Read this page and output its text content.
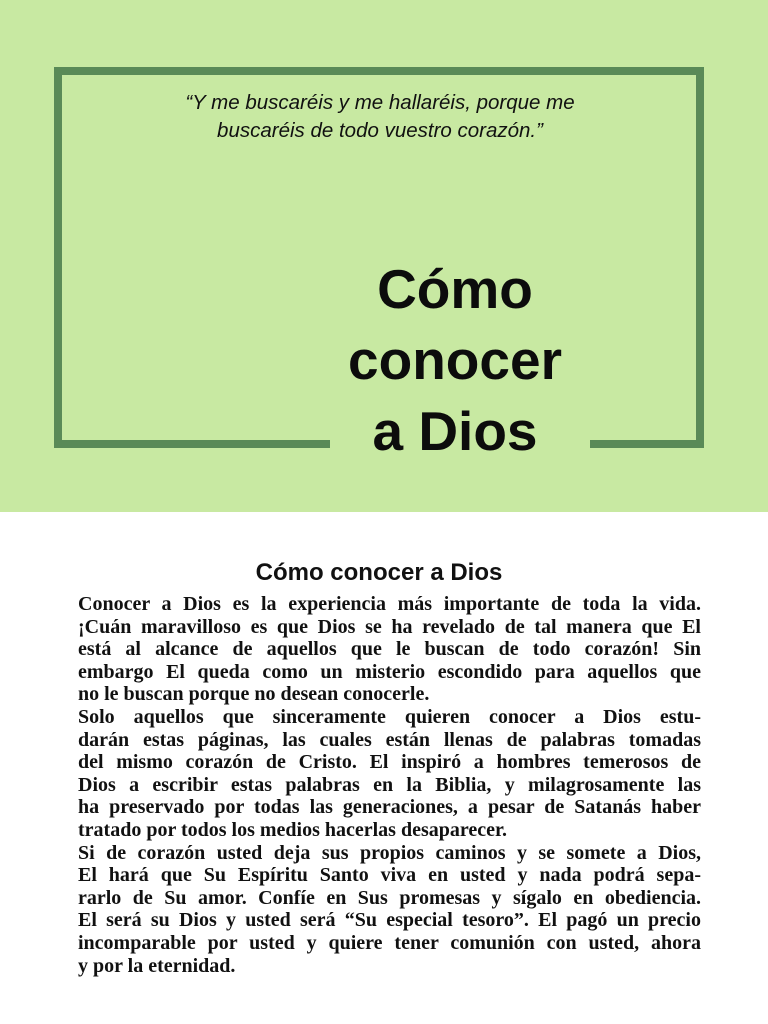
“Y me buscaréis y me hallaréis, porque me
buscaréis de todo vuestro corazón.”
Cómo
conocer
a Dios
Cómo conocer a Dios

Conocer a Dios es la experiencia más importante de toda la vida.
¡Cuán maravilloso es que Dios se ha revelado de tal manera que El
está al alcance de aquellos que le buscan de todo corazón! Sin
embargo El queda como un misterio escondido para aquellos que
no le buscan porque no desean conocerle.

Solo aquellos que sinceramente quieren conocer a Dios estu-
darán estas páginas, las cuales están llenas de palabras tomadas
del mismo corazón de Cristo. El inspiró a hombres temerosos de
Dios a escribir estas palabras en la Biblia, y milagrosamente las
ha preservado por todas las generaciones, a pesar de Satanás haber
tratado por todos los medios hacerlas desaparecer.

Si de corazón usted deja sus propios caminos y se somete a Dios,
El hará que Su Espíritu Santo viva en usted y nada podrá sepa-
rarlo de Su amor. Confíe en Sus promesas y sígalo en obediencia.
El será su Dios y usted será “Su especial tesoro”. El pagó un precio
incomparable por usted y quiere tener comunión con usted, ahora
y por la eternidad.
